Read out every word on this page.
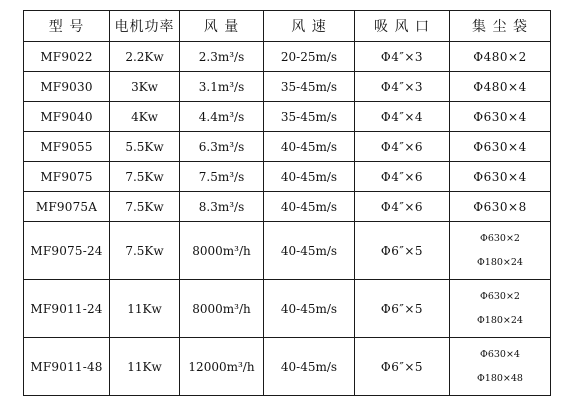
型 号	电机功率	风 量	风 速	吸 风 口	集 尘 袋
MF9022	2.2Kw	2.3m³/s	20-25m/s	Φ4″×3	Φ480×2
MF9030	3Kw	3.1m³/s	35-45m/s	Φ4″×3	Φ480×4
MF9040	4Kw	4.4m³/s	35-45m/s	Φ4″×4	Φ630×4
MF9055	5.5Kw	6.3m³/s	40-45m/s	Φ4″×6	Φ630×4
MF9075	7.5Kw	7.5m³/s	40-45m/s	Φ4″×6	Φ630×4
MF9075A	7.5Kw	8.3m³/s	40-45m/s	Φ4″×6	Φ630×8
MF9075-24	7.5Kw	8000m³/h	40-45m/s	Φ6″×5	Φ630×2
Φ180×24

MF9011-24	11Kw	8000m³/h	40-45m/s	Φ6″×5	Φ630×2
Φ180×24

MF9011-48	11Kw	12000m³/h	40-45m/s	Φ6″×5	Φ630×4
Φ180×48
